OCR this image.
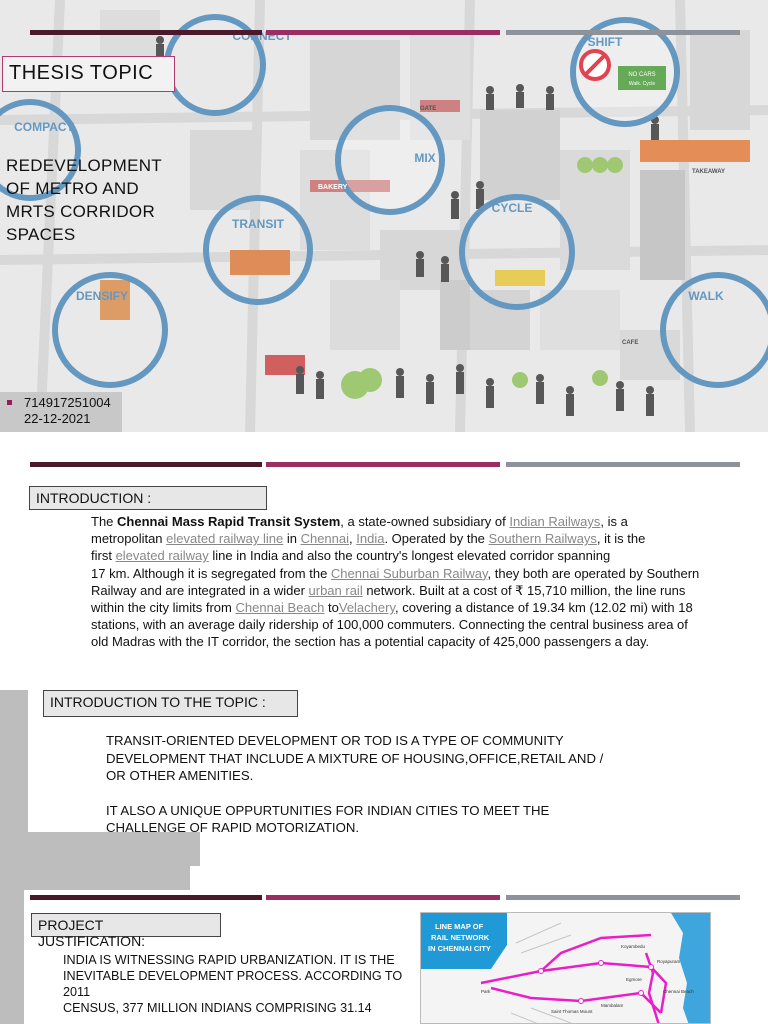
THESIS TOPIC
REDEVELOPMENT
OF METRO AND
MRTS CORRIDOR
SPACES
714917251004
22-12-2021
INTRODUCTION :
The Chennai Mass Rapid Transit System, a state-owned subsidiary of Indian Railways, is a
metropolitan elevated railway line in Chennai, India. Operated by the Southern Railways, it is the
first elevated railway line in India and also the country's longest elevated corridor spanning
17 km. Although it is segregated from the Chennai Suburban Railway, they both are operated by Southern
Railway and are integrated in a wider urban rail network. Built at a cost of ₹ 15,710 million, the line runs
within the city limits from Chennai Beach toVelachery, covering a distance of 19.34 km (12.02 mi) with 18
stations, with an average daily ridership of 100,000 commuters. Connecting the central business area of
old Madras with the IT corridor, the section has a potential capacity of 425,000 passengers a day.
INTRODUCTION TO THE TOPIC :
TRANSIT-ORIENTED DEVELOPMENT OR TOD IS A TYPE OF COMMUNITY
DEVELOPMENT THAT INCLUDE A MIXTURE OF HOUSING,OFFICE,RETAIL AND /
OR OTHER AMENITIES.
IT ALSO A UNIQUE OPPURTUNITIES FOR INDIAN CITIES TO MEET THE
CHALLENGE OF RAPID MOTORIZATION.
PROJECT JUSTIFICATION:
INDIA IS WITNESSING RAPID URBANIZATION. IT IS THE
INEVITABLE DEVELOPMENT PROCESS. ACCORDING TO 2011
CENSUS, 377 MILLION INDIANS COMPRISING 31.14
LINE MAP OF
RAIL NETWORK
IN CHENNAI CITY	Koyambedu
Park	Chennai Beach
Royapuram
Saint Thomas Mount
Mambalam
Egmore
